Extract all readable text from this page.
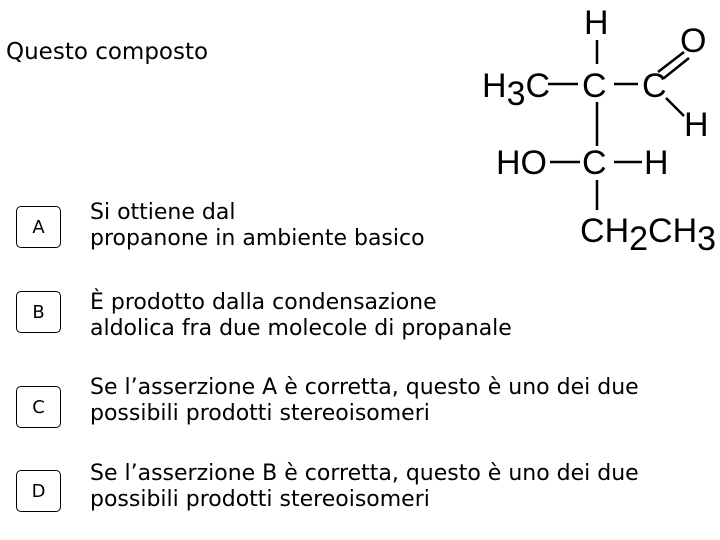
Questo composto
H O
H3C C C
H
HO C H
CH2CH3
A
Si ottiene dal
propanone in ambiente basico
B È prodotto dalla condensazione
aldolica fra due molecole di propanale
C
Se l’asserzione A è corretta, questo è uno dei due
possibili prodotti stereoisomeri
D
Se l’asserzione B è corretta, questo è uno dei due
possibili prodotti stereoisomeri
